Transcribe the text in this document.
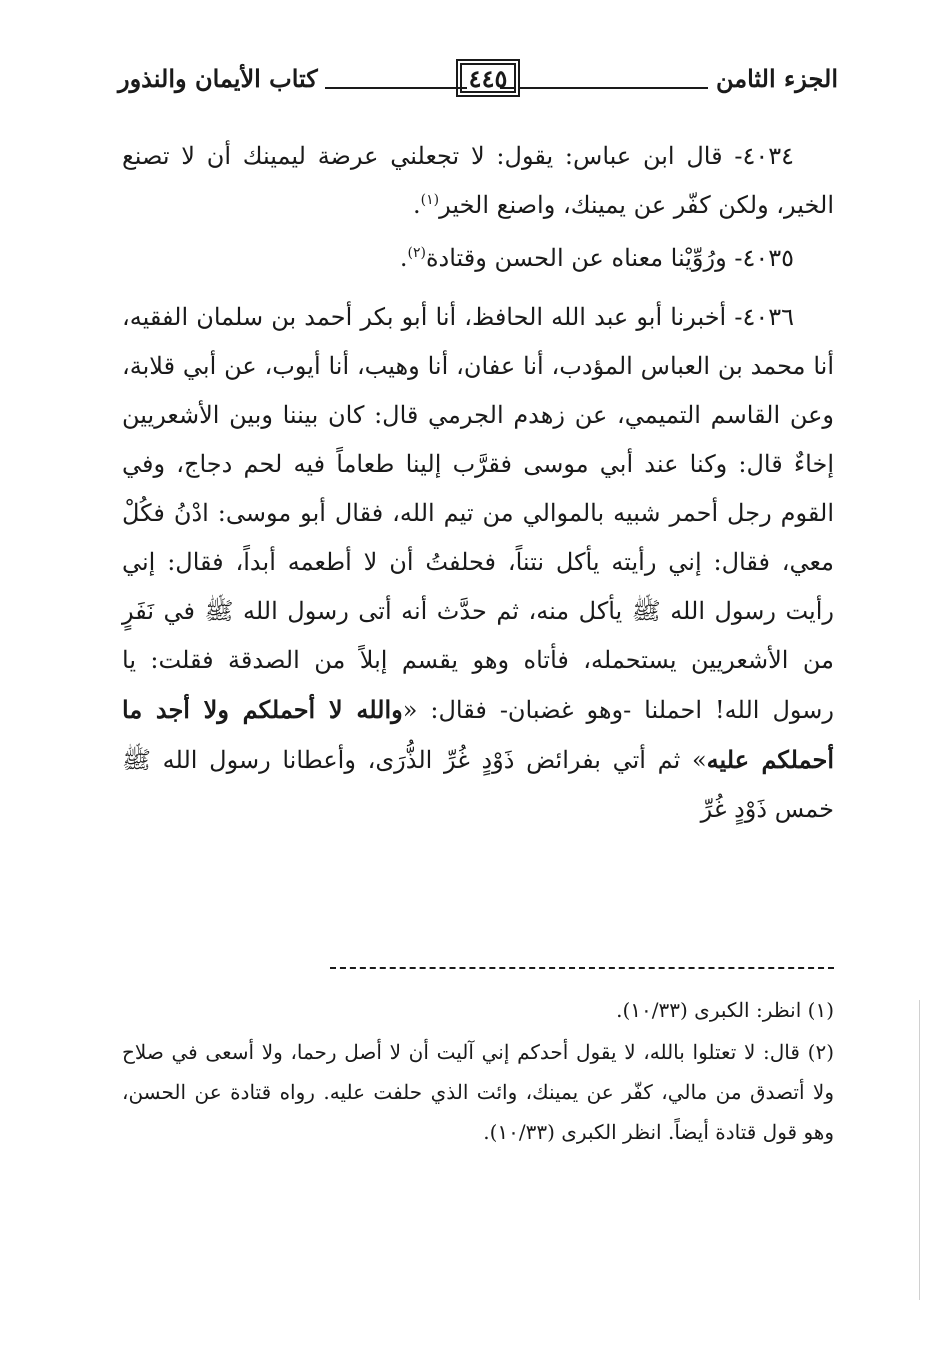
الجزء الثامن
٤٤٥
كتاب الأيمان والنذور

٤٠٣٤- قال ابن عباس: يقول: لا تجعلني عرضة ليمينك أن لا تصنع الخير، ولكن كفّر عن يمينك، واصنع الخير$^{(١)}$.

٤٠٣٥- ورُوِّيْنا معناه عن الحسن وقتادة$^{(٢)}$.

٤٠٣٦- أخبرنا أبو عبد الله الحافظ، أنا أبو بكر أحمد بن سلمان الفقيه، أنا محمد بن العباس المؤدب، أنا عفان، أنا وهيب، أنا أيوب، عن أبي قلابة، وعن القاسم التميمي، عن زهدم الجرمي قال: كان بيننا وبين الأشعريين إخاءٌ قال: وكنا عند أبي موسى فقرَّب إلينا طعاماً فيه لحم دجاج، وفي القوم رجل أحمر شبيه بالموالي من تيم الله، فقال أبو موسى: ادْنُ فكُلْ معي، فقال: إني رأيته يأكل نتناً، فحلفتُ أن لا أطعمه أبداً، فقال: إني رأيت رسول الله ﷺ يأكل منه، ثم حدَّث أنه أتى رسول الله ﷺ في نَفَرٍ من الأشعريين يستحمله، فأتاه وهو يقسم إبلاً من الصدقة فقلت: يا رسول الله! احملنا -وهو غضبان- فقال: «والله لا أحملكم ولا أجد ما أحملكم عليه» ثم أتي بفرائض ذَوْدٍ غُرِّ الذُّرَى، وأعطانا رسول الله ﷺ خمس ذَوْدٍ غُرِّ

(١) انظر: الكبرى (١٠/٣٣).

(٢) قال: لا تعتلوا بالله، لا يقول أحدكم إني آليت أن لا أصل رحما، ولا أسعى في صلاح ولا أتصدق من مالي، كفّر عن يمينك، وائت الذي حلفت عليه. رواه قتادة عن الحسن، وهو قول قتادة أيضاً. انظر الكبرى (١٠/٣٣).
